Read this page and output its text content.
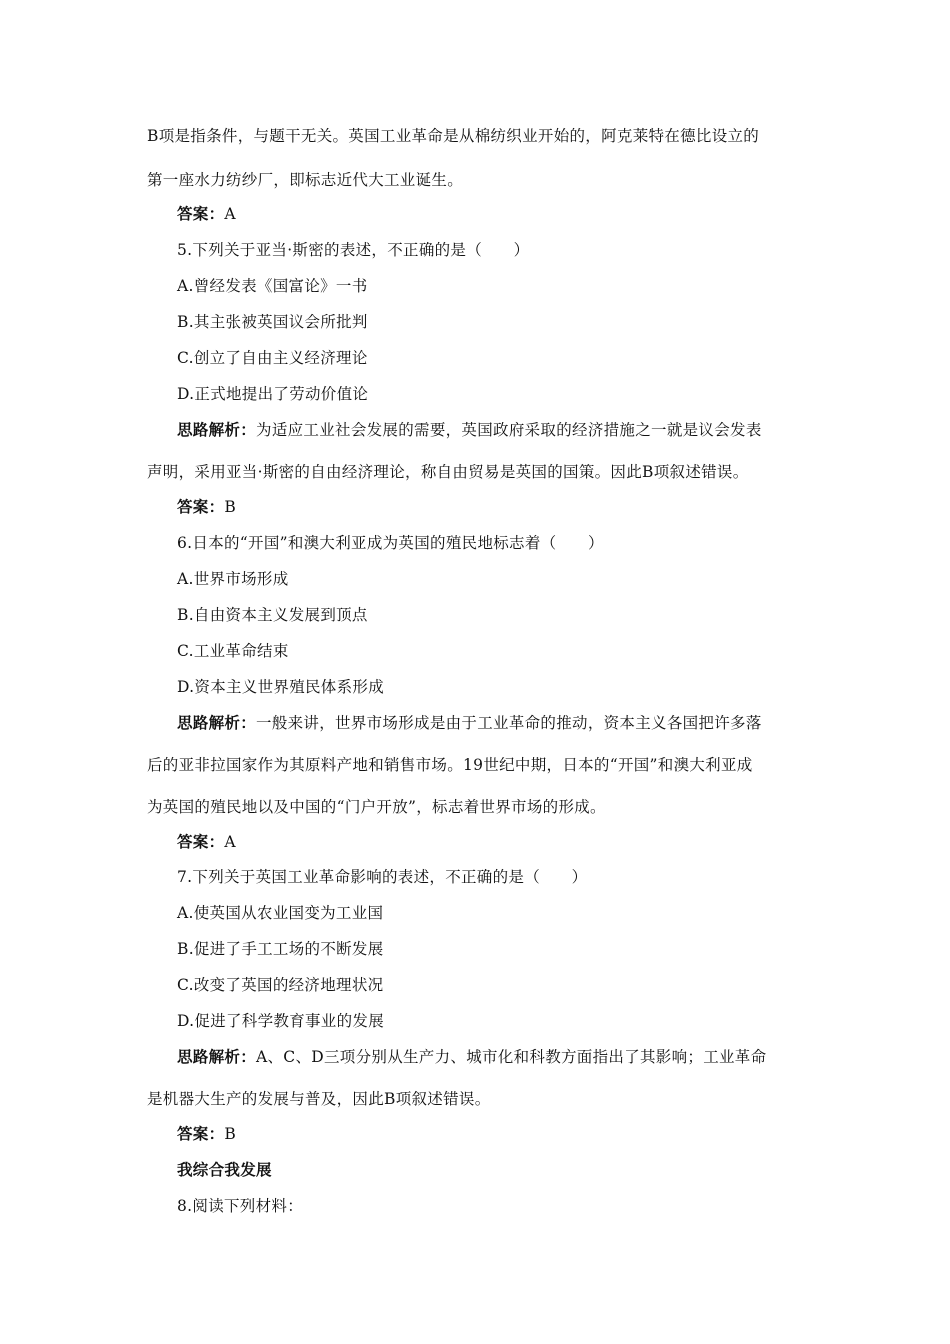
B项是指条件，与题干无关。英国工业革命是从棉纺织业开始的，阿克莱特在德比设立的
第一座水力纺纱厂，即标志近代大工业诞生。
答案：A
5.下列关于亚当·斯密的表述，不正确的是（　　）
A.曾经发表《国富论》一书
B.其主张被英国议会所批判
C.创立了自由主义经济理论
D.正式地提出了劳动价值论
思路解析：为适应工业社会发展的需要，英国政府采取的经济措施之一就是议会发表
声明，采用亚当·斯密的自由经济理论，称自由贸易是英国的国策。因此B项叙述错误。
答案：B
6.日本的“开国”和澳大利亚成为英国的殖民地标志着（　　）
A.世界市场形成
B.自由资本主义发展到顶点
C.工业革命结束
D.资本主义世界殖民体系形成
思路解析：一般来讲，世界市场形成是由于工业革命的推动，资本主义各国把许多落
后的亚非拉国家作为其原料产地和销售市场。19世纪中期，日本的“开国”和澳大利亚成
为英国的殖民地以及中国的“门户开放”，标志着世界市场的形成。
答案：A
7.下列关于英国工业革命影响的表述，不正确的是（　　）
A.使英国从农业国变为工业国
B.促进了手工工场的不断发展
C.改变了英国的经济地理状况
D.促进了科学教育事业的发展
思路解析：A、C、D三项分别从生产力、城市化和科教方面指出了其影响；工业革命
是机器大生产的发展与普及，因此B项叙述错误。
答案：B
我综合我发展
8.阅读下列材料：
